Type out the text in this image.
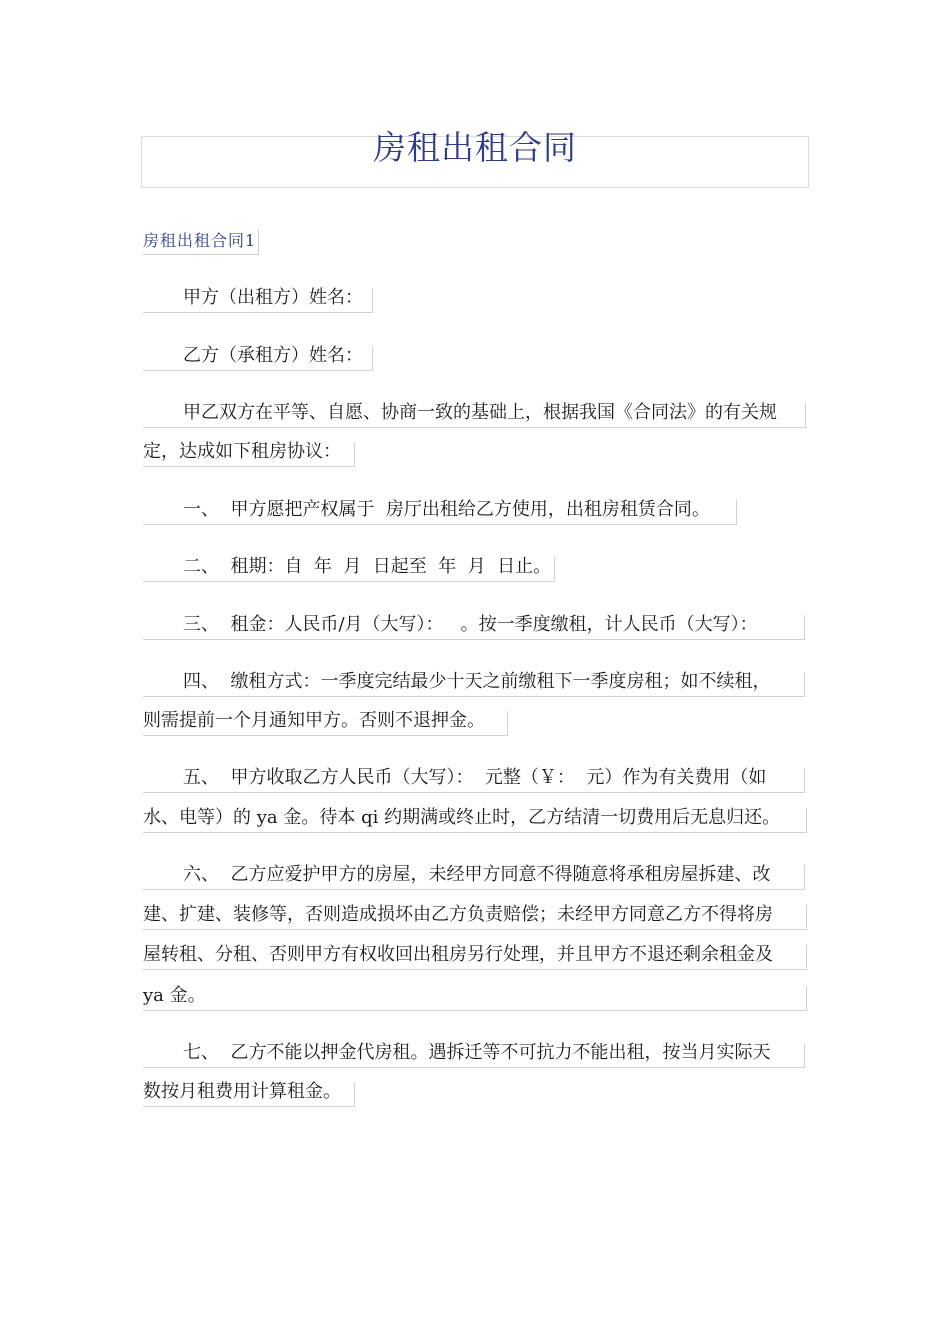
房租出租合同
房租出租合同1
甲方（出租方）姓名：
乙方（承租方）姓名：
甲乙双方在平等、自愿、协商一致的基础上，根据我国《合同法》的有关规
定，达成如下租房协议：
一、  甲方愿把产权属于  房厅出租给乙方使用，出租房租赁合同。
二、  租期：自  年  月  日起至  年  月  日止。
三、  租金：人民币/月（大写）：   。按一季度缴租，计人民币（大写）：
四、  缴租方式：一季度完结最少十天之前缴租下一季度房租；如不续租，
则需提前一个月通知甲方。否则不退押金。
五、  甲方收取乙方人民币（大写）：  元整（￥：  元）作为有关费用（如
水、电等）的 ya 金。待本 qi 约期满或终止时，乙方结清一切费用后无息归还。
六、  乙方应爱护甲方的房屋，未经甲方同意不得随意将承租房屋拆建、改
建、扩建、装修等，否则造成损坏由乙方负责赔偿；未经甲方同意乙方不得将房
屋转租、分租、否则甲方有权收回出租房另行处理，并且甲方不退还剩余租金及
ya 金。
七、  乙方不能以押金代房租。遇拆迁等不可抗力不能出租，按当月实际天
数按月租费用计算租金。
